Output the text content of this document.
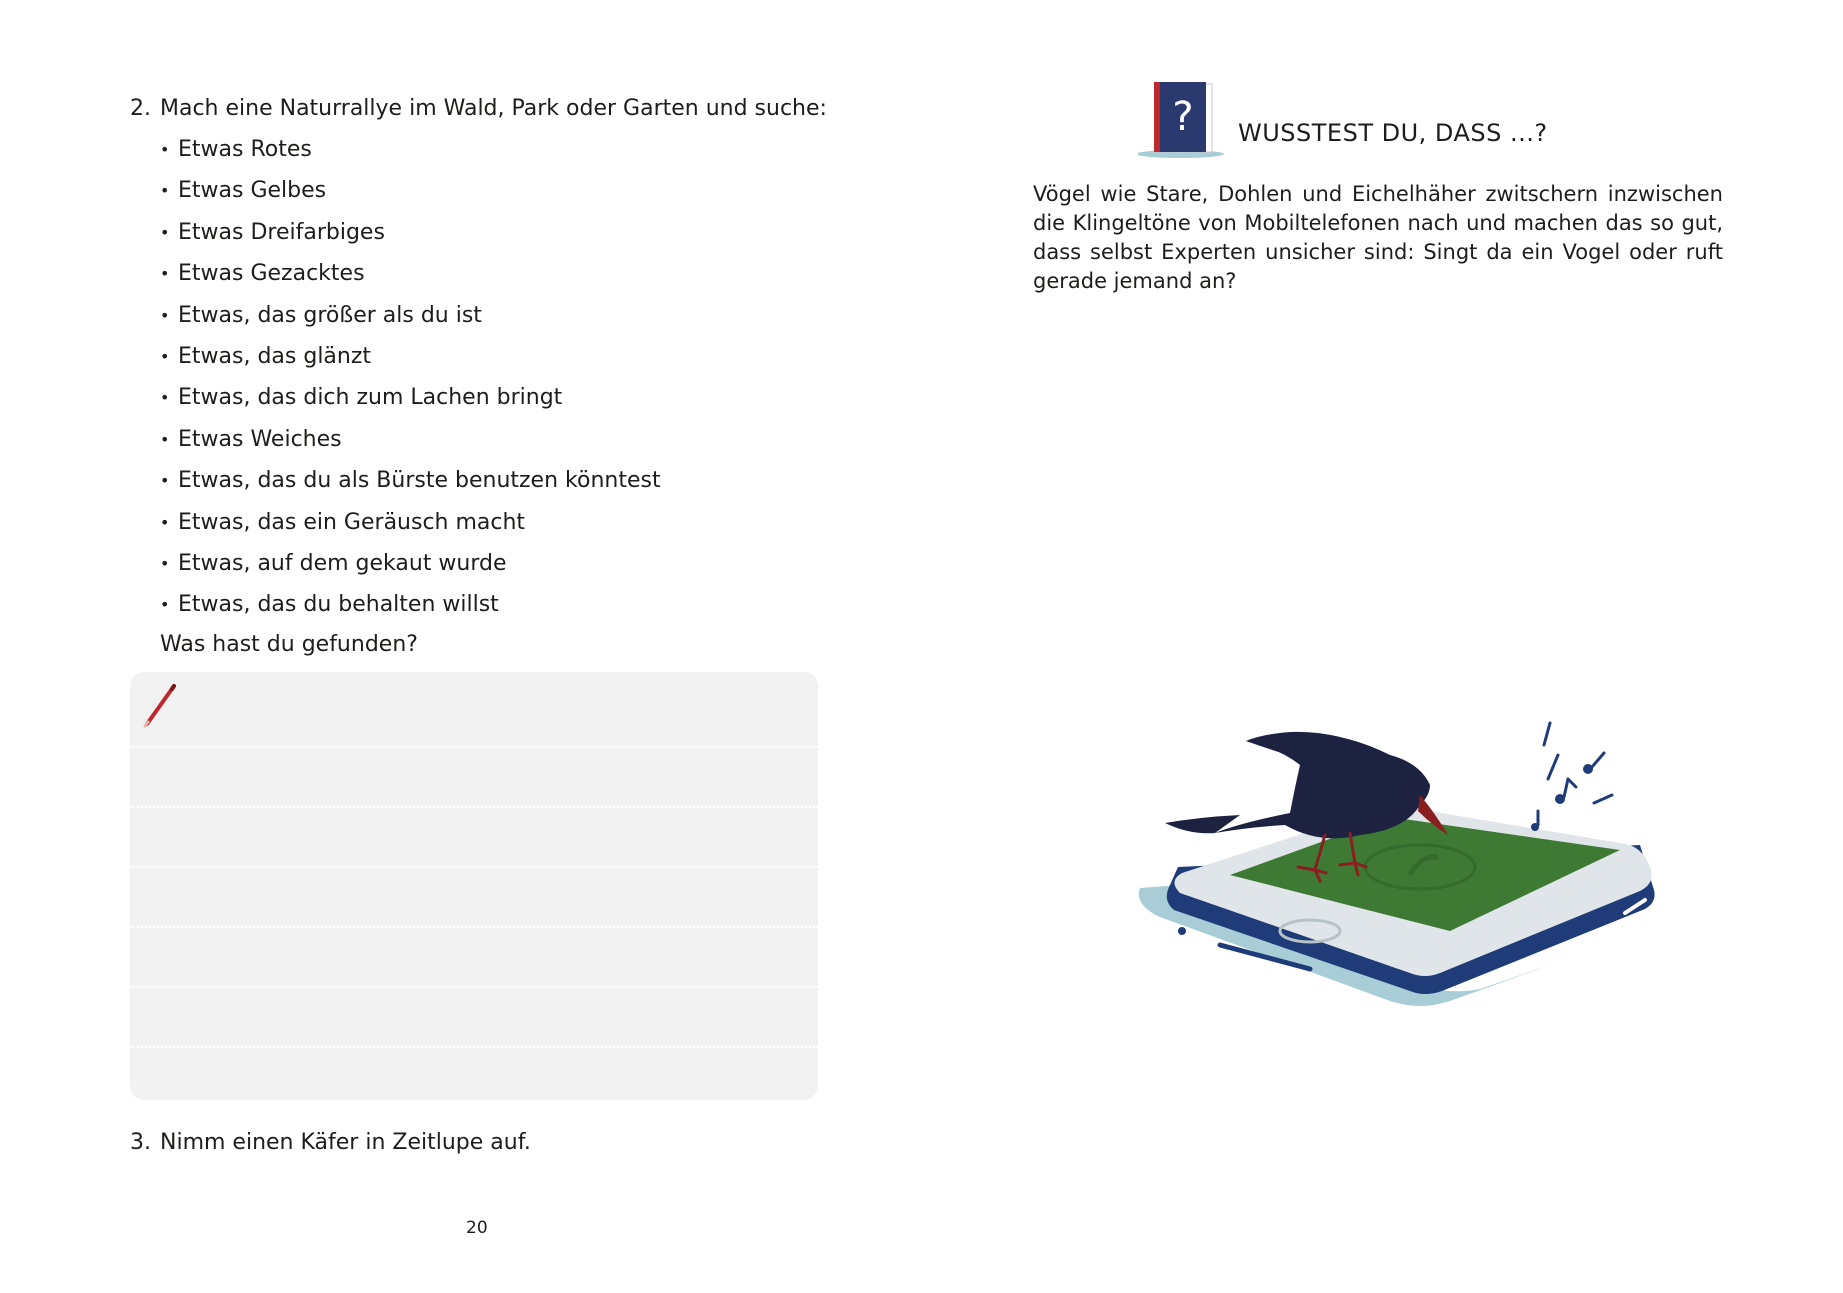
2. Mach eine Naturrallye im Wald, Park oder Garten und suche:
• Etwas Rotes
• Etwas Gelbes
• Etwas Dreifarbiges
• Etwas Gezacktes
• Etwas, das größer als du ist
• Etwas, das glänzt
• Etwas, das dich zum Lachen bringt
• Etwas Weiches
• Etwas, das du als Bürste benutzen könntest
• Etwas, das ein Geräusch macht
• Etwas, auf dem gekaut wurde
• Etwas, das du behalten willst
Was hast du gefunden?
3. Nimm einen Käfer in Zeitlupe auf.
20
? WUSSTEST DU, DASS ...?

Vögel wie Stare, Dohlen und Eichelhäher zwitschern inzwischen die Klingeltöne von Mobiltelefonen nach und machen das so gut, dass selbst Experten unsicher sind: Singt da ein Vogel oder ruft gerade jemand an?
